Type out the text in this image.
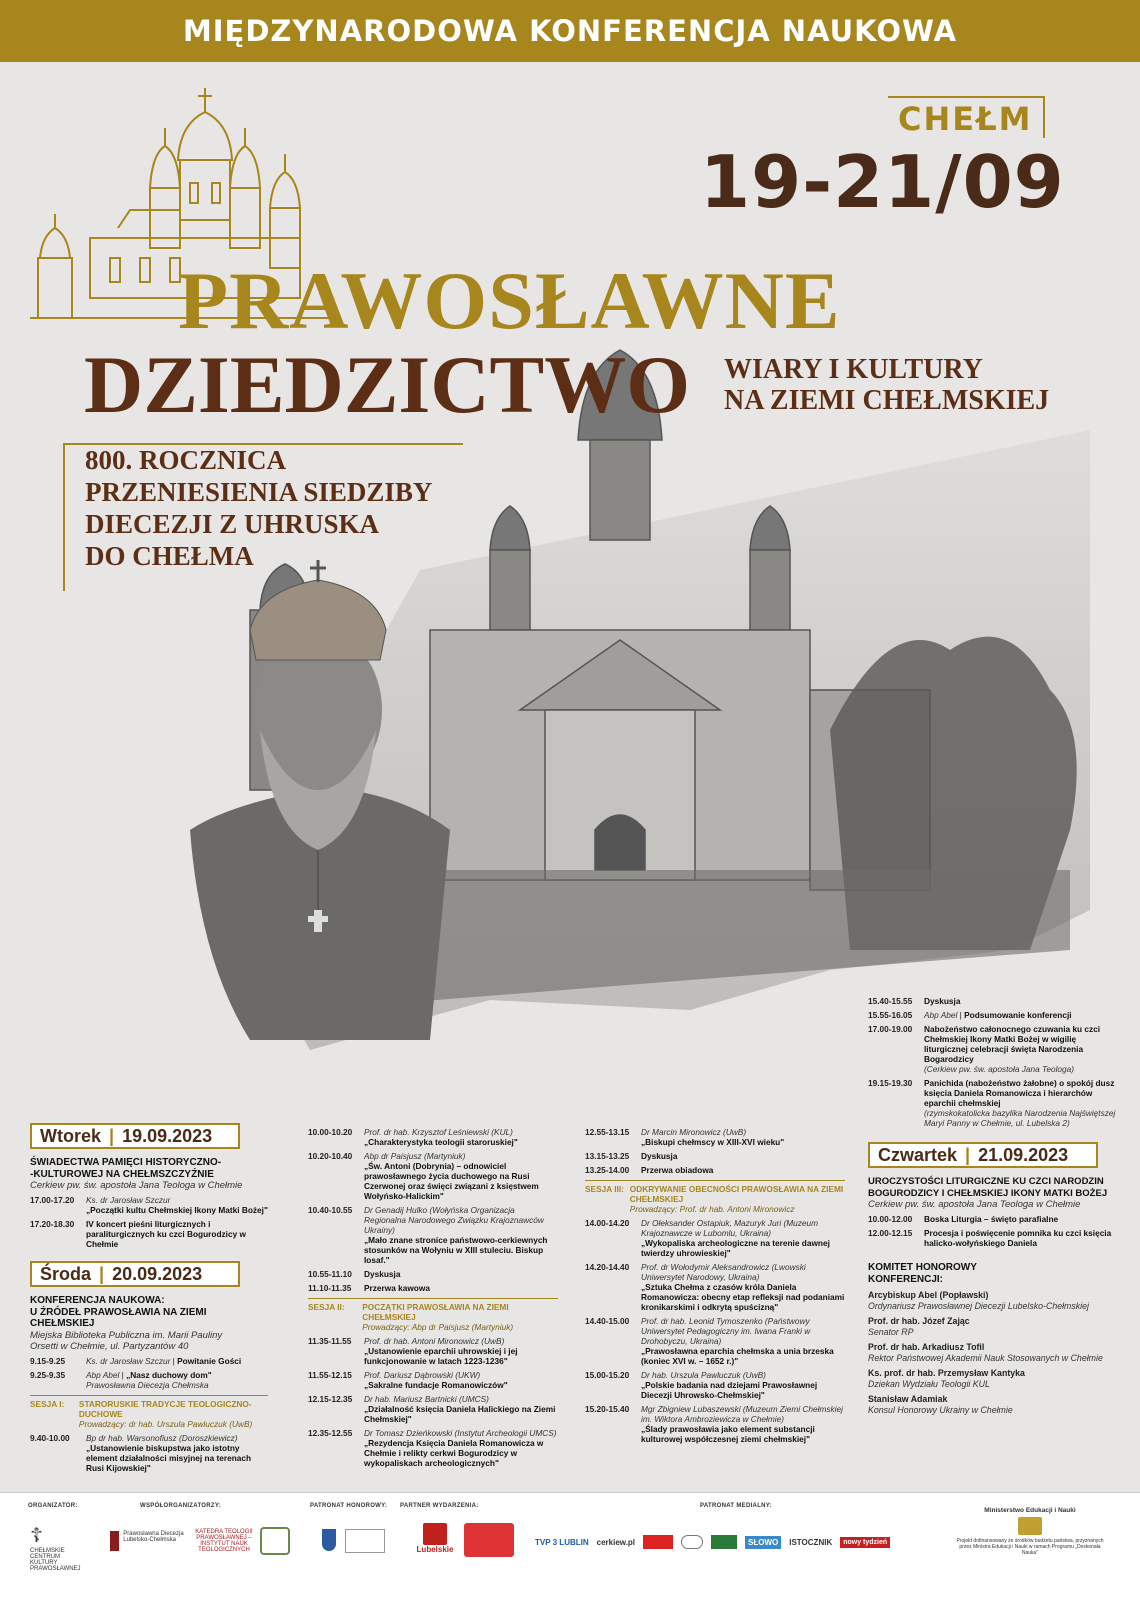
MIĘDZYNARODOWA KONFERENCJA NAUKOWA
CHEŁM
19-21/09
PRAWOSŁAWNE
DZIEDZICTWO WIARY I KULTURY
NA ZIEMI CHEŁMSKIEJ
800. ROCZNICA
PRZENIESIENIA SIEDZIBY
DIECEZJI Z UHRUSKA
DO CHEŁMA
Wtorek | 19.09.2023
ŚWIADECTWA PAMIĘCI HISTORYCZNO-
-KULTUROWEJ NA CHEŁMSZCZYŹNIE
Cerkiew pw. św. apostoła Jana Teologa w Chełmie
17.00-17.20	Ks. dr Jarosław Szczur
„Początki kultu Chełmskiej Ikony Matki Bożej"
17.20-18.30	IV koncert pieśni liturgicznych i paraliturgicznych ku czci Bogurodzicy w Chełmie
Środa | 20.09.2023
KONFERENCJA NAUKOWA:
U ŹRÓDEŁ PRAWOSŁAWIA NA ZIEMI CHEŁMSKIEJ
Miejska Biblioteka Publiczna im. Marii Pauliny
Orsetti w Chełmie, ul. Partyzantów 40
9.15-9.25	Ks. dr Jarosław Szczur | Powitanie Gości
9.25-9.35	Abp Abel | „Nasz duchowy dom"
Prawosławna Diecezja Chełmska
SESJA I:	STARORUSKIE TRADYCJE TEOLOGICZNO-DUCHOWE
Prowadzący: dr hab. Urszula Pawluczuk (UwB)
9.40-10.00	Bp dr hab. Warsonofiusz (Doroszkiewicz)
„Ustanowienie biskupstwa jako istotny element działalności misyjnej na terenach Rusi Kijowskiej"
10.00-10.20	Prof. dr hab. Krzysztof Leśniewski (KUL)
„Charakterystyka teologii staroruskiej"
10.20-10.40	Abp dr Paisjusz (Martyniuk)
„Św. Antoni (Dobrynia) – odnowiciel prawosławnego życia duchowego na Rusi Czerwonej oraz święci związani z księstwem Wołyńsko-Halickim"
10.40-10.55	Dr Genadij Hulko (Wołyńska Organizacja Regionalna Narodowego Związku Krajoznawców Ukrainy)
„Mało znane stronice państwowo-cerkiewnych stosunków na Wołyniu w XIII stuleciu. Biskup Iosaf."
10.55-11.10	Dyskusja
11.10-11.35	Przerwa kawowa
SESJA II:	POCZĄTKI PRAWOSŁAWIA NA ZIEMI CHEŁMSKIEJ
Prowadzący: Abp dr Paisjusz (Martyniuk)
11.35-11.55	Prof. dr hab. Antoni Mironowicz (UwB)
„Ustanowienie eparchii uhrowskiej i jej funkcjonowanie w latach 1223-1236"
11.55-12.15	Prof. Dariusz Dąbrowski (UKW)
„Sakralne fundacje Romanowiczów"
12.15-12.35	Dr hab. Mariusz Bartnicki (UMCS)
„Działalność księcia Daniela Halickiego na Ziemi Chełmskiej"
12.35-12.55	Dr Tomasz Dzieńkowski (Instytut Archeologii UMCS)
„Rezydencja Księcia Daniela Romanowicza w Chełmie i relikty cerkwi Bogurodzicy w wykopaliskach archeologicznych"
12.55-13.15	Dr Marcin Mironowicz (UwB)
„Biskupi chełmscy w XIII-XVI wieku"
13.15-13.25	Dyskusja
13.25-14.00	Przerwa obiadowa
SESJA III: ODKRYWANIE OBECNOŚCI PRAWOSŁAWIA NA ZIEMI CHEŁMSKIEJ
Prowadzący: Prof. dr hab. Antoni Mironowicz
14.00-14.20	Dr Ołeksander Ostapiuk, Mazuryk Juri (Muzeum Krajoznawcze w Lubomlu, Ukraina)
„Wykopaliska archeologiczne na terenie dawnej twierdzy uhrowieskiej"
14.20-14.40	Prof. dr Wołodymir Aleksandrowicz (Lwowski Uniwersytet Narodowy, Ukraina)
„Sztuka Chełma z czasów króla Daniela Romanowicza: obecny etap refleksji nad podaniami kronikarskimi i odkrytą spuścizną"
14.40-15.00	Prof. dr hab. Leonid Tymoszenko (Państwowy Uniwersytet Pedagogiczny im. Iwana Franki w Drohobyczu, Ukraina)
„Prawosławna eparchia chełmska a unia brzeska (koniec XVI w. – 1652 r.)"
15.00-15.20	Dr hab. Urszula Pawluczuk (UwB)
„Polskie badania nad dziejami Prawosławnej Diecezji Uhrowsko-Chełmskiej"
15.20-15.40	Mgr Zbigniew Lubaszewski (Muzeum Ziemi Chełmskiej im. Wiktora Ambroziewicza w Chełmie)
„Ślady prawosławia jako element substancji kulturowej współczesnej ziemi chełmskiej"
15.40-15.55	Dyskusja
15.55-16.05	Abp Abel | Podsumowanie konferencji
17.00-19.00	Nabożeństwo całonocnego czuwania ku czci Chełmskiej Ikony Matki Bożej w wigilię liturgicznej celebracji święta Narodzenia Bogarodzicy
(Cerkiew pw. św. apostoła Jana Teologa)
19.15-19.30	Panichida (nabożeństwo żałobne) o spokój dusz księcia Daniela Romanowicza i hierarchów eparchii chełmskiej
(rzymskokatolicka bazylika Narodzenia Najświętszej Maryi Panny w Chełmie, ul. Lubelska 2)
Czwartek | 21.09.2023
UROCZYSTOŚCI LITURGICZNE KU CZCI NARODZIN
BOGURODZICY I CHEŁMSKIEJ IKONY MATKI BOŻEJ
Cerkiew pw. św. apostoła Jana Teologa w Chełmie
10.00-12.00	Boska Liturgia – święto parafialne
12.00-12.15	Procesja i poświęcenie pomnika ku czci księcia halicko-wołyńskiego Daniela
KOMITET HONOROWY
KONFERENCJI:
Arcybiskup Abel (Popławski)
Ordynariusz Prawosławnej Diecezji Lubelsko-Chełmskiej
Prof. dr hab. Józef Zając
Senator RP
Prof. dr hab. Arkadiusz Tofil
Rektor Państwowej Akademii Nauk Stosowanych w Chełmie
Ks. prof. dr hab. Przemysław Kantyka
Dziekan Wydziału Teologii KUL
Stanisław Adamiak
Konsul Honorowy Ukrainy w Chełmie
ORGANIZATOR:	WSPÓŁORGANIZATORZY:	PATRONAT HONOROWY: PARTNER WYDARZENIA:	PATRONAT MEDIALNY:
☦
CHEŁMSKIE CENTRUM KULTURY PRAWOSŁAWNEJ
Prawosławna Diecezja Lubelsko-Chełmska
KATEDRA TEOLOGII PRAWOSŁAWNEJ – INSTYTUT NAUK TEOLOGICZNYCH	Lubelskie
TVP 3 LUBLIN cerkiew.pl	SŁOWO	ISTOCZNIK	nowy tydzień
Ministerstwo Edukacji i Nauki
Projekt dofinansowany ze środków budżetu państwa, przyznanych przez Ministra Edukacji i Nauki w ramach Programu „Doskonała Nauka"
